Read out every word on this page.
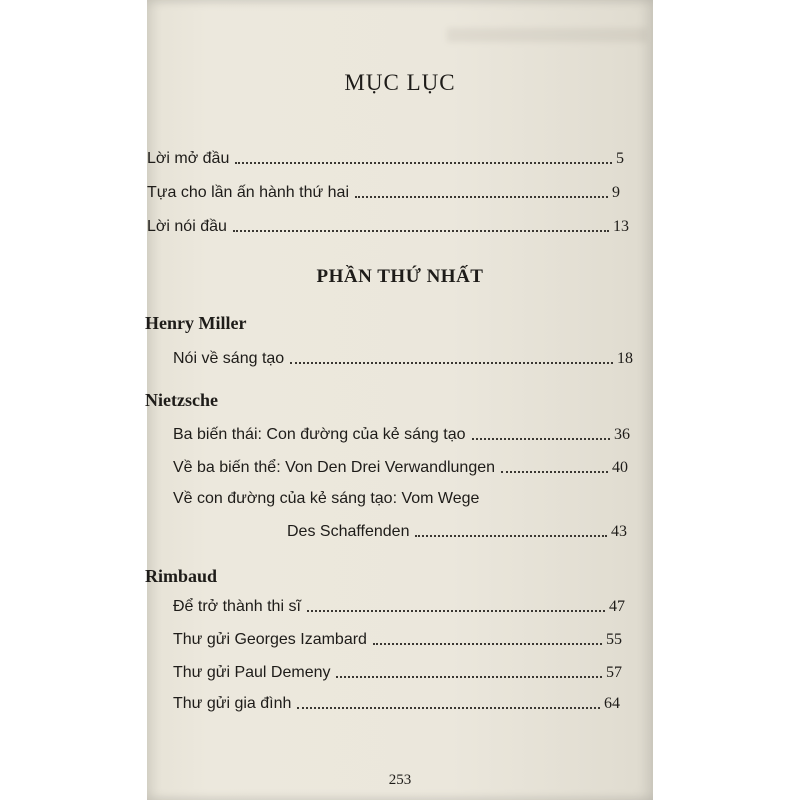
MỤC LỤC
Lời mở đầu	5
Tựa cho lần ấn hành thứ hai	9
Lời nói đầu	13
PHẦN THỨ NHẤT
Henry Miller
Nói về sáng tạo	18
Nietzsche
Ba biến thái: Con đường của kẻ sáng tạo	36
Về ba biến thể: Von Den Drei Verwandlungen	40
Về con đường của kẻ sáng tạo: Vom Wege
Des Schaffenden	43
Rimbaud
Để trở thành thi sĩ	47
Thư gửi Georges Izambard	55
Thư gửi Paul Demeny	57
Thư gửi gia đình	64
253
